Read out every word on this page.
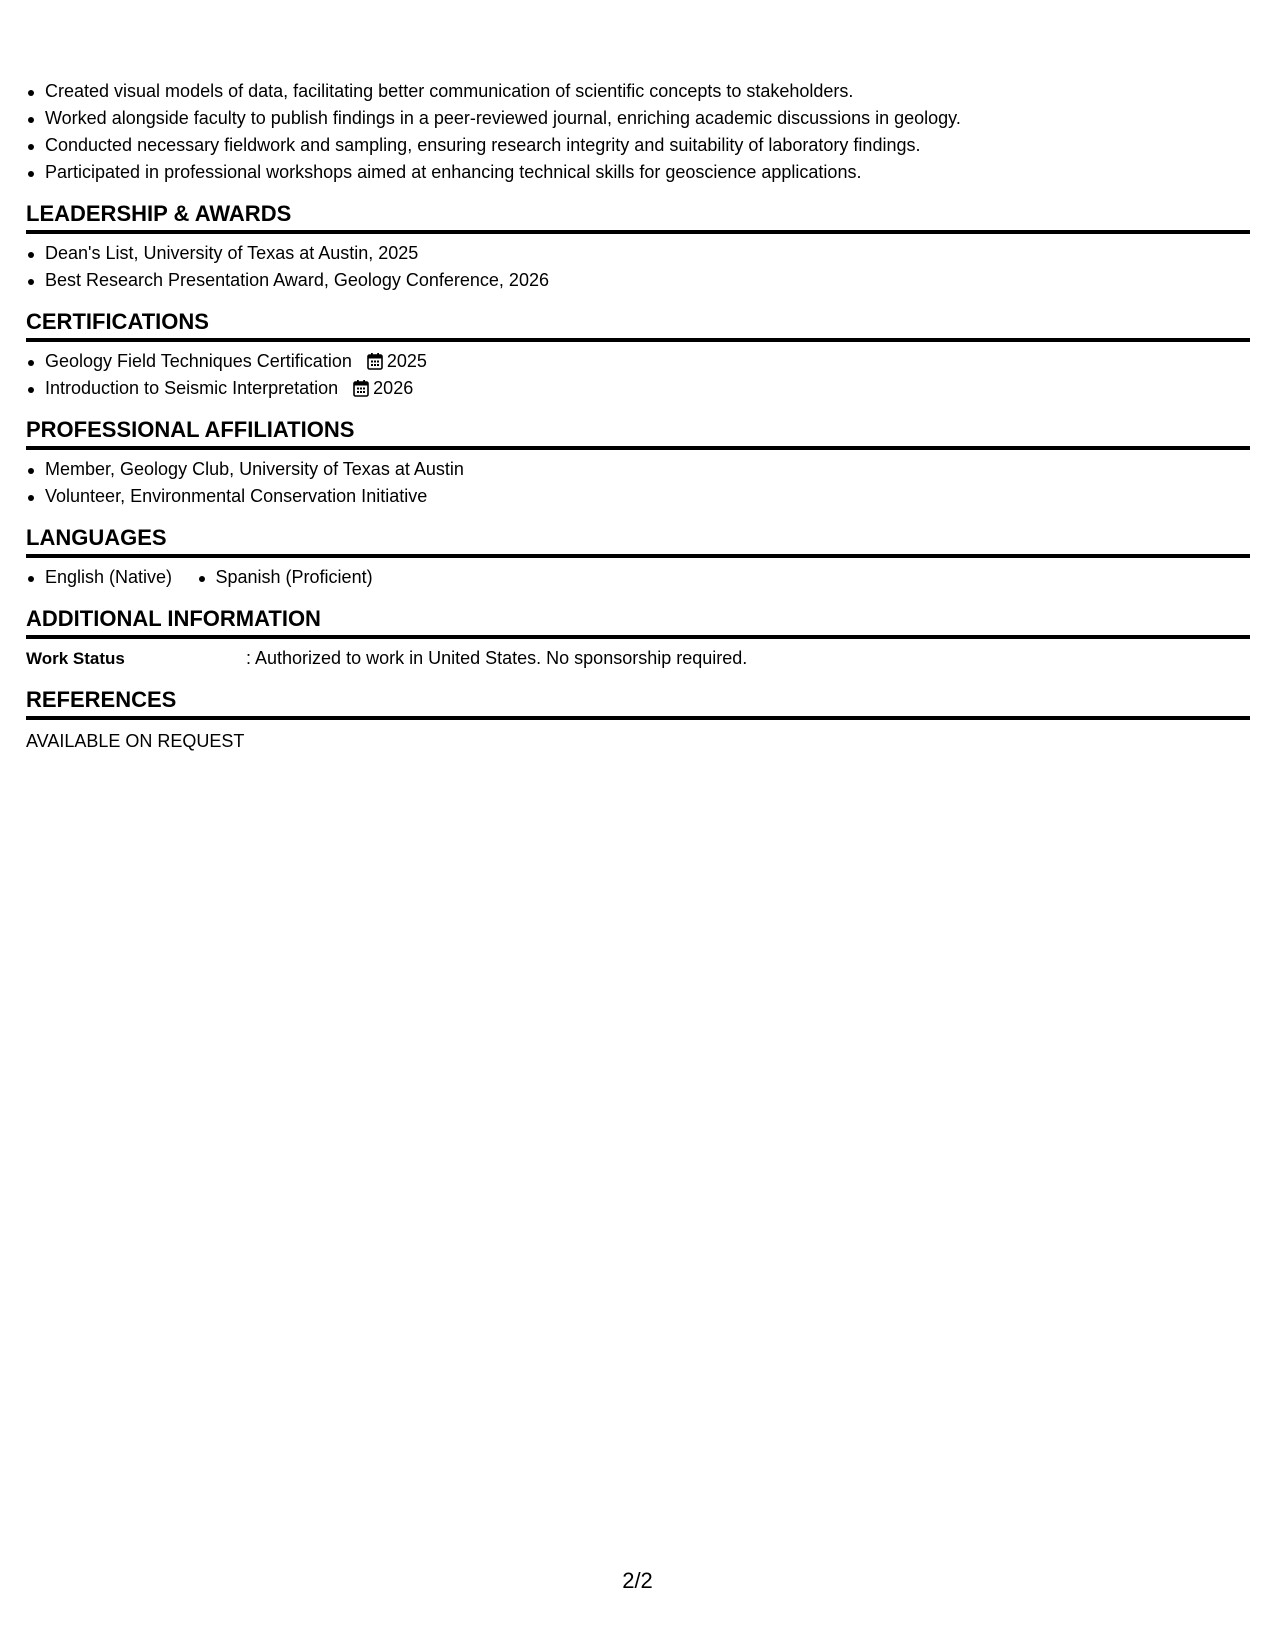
Created visual models of data, facilitating better communication of scientific concepts to stakeholders.
Worked alongside faculty to publish findings in a peer-reviewed journal, enriching academic discussions in geology.
Conducted necessary fieldwork and sampling, ensuring research integrity and suitability of laboratory findings.
Participated in professional workshops aimed at enhancing technical skills for geoscience applications.
LEADERSHIP & AWARDS
Dean's List, University of Texas at Austin, 2025
Best Research Presentation Award, Geology Conference, 2026
CERTIFICATIONS
Geology Field Techniques Certification 2025
Introduction to Seismic Interpretation 2026
PROFESSIONAL AFFILIATIONS
Member, Geology Club, University of Texas at Austin
Volunteer, Environmental Conservation Initiative
LANGUAGES
English (Native) Spanish (Proficient)
ADDITIONAL INFORMATION
Work Status	: Authorized to work in United States. No sponsorship required.
REFERENCES
AVAILABLE ON REQUEST
2/2
